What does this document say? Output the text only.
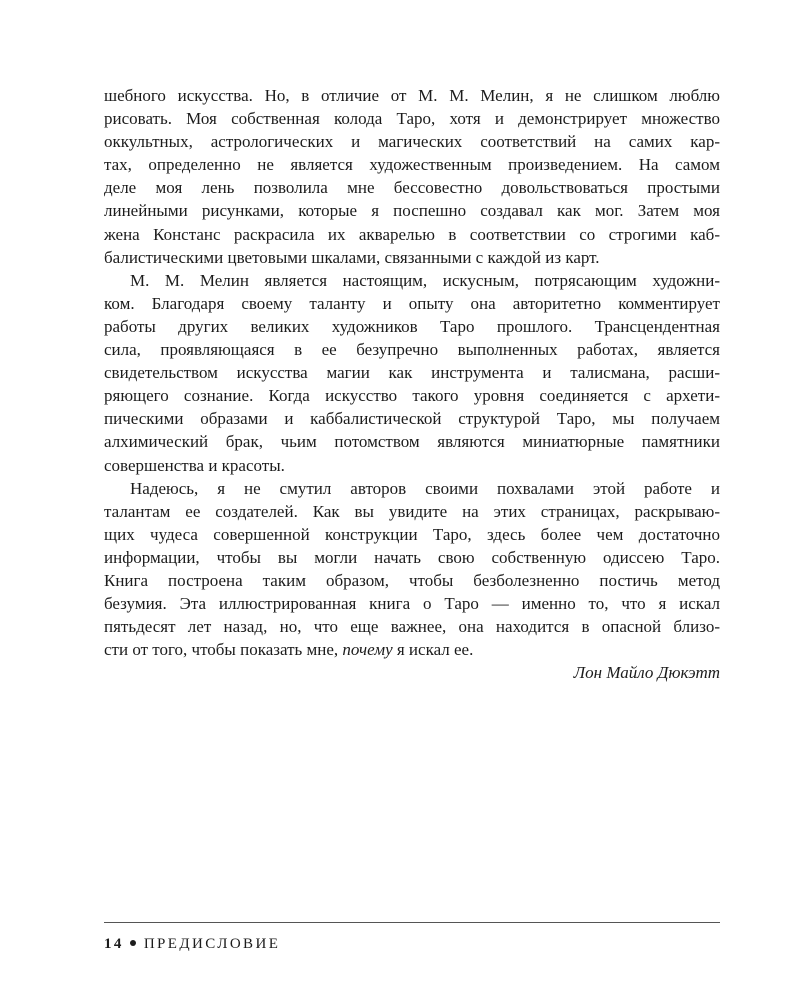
шебного искусства. Но, в отличие от М. М. Мелин, я не слишком люблю
рисовать. Моя собственная колода Таро, хотя и демонстрирует множество
оккультных, астрологических и магических соответствий на самих кар-
тах, определенно не является художественным произведением. На самом
деле моя лень позволила мне бессовестно довольствоваться простыми
линейными рисунками, которые я поспешно создавал как мог. Затем моя
жена Констанс раскрасила их акварелью в соответствии со строгими каб-
балистическими цветовыми шкалами, связанными с каждой из карт.
М. М. Мелин является настоящим, искусным, потрясающим художни-
ком. Благодаря своему таланту и опыту она авторитетно комментирует
работы других великих художников Таро прошлого. Трансцендентная
сила, проявляющаяся в ее безупречно выполненных работах, является
свидетельством искусства магии как инструмента и талисмана, расши-
ряющего сознание. Когда искусство такого уровня соединяется с архети-
пическими образами и каббалистической структурой Таро, мы получаем
алхимический брак, чьим потомством являются миниатюрные памятники
совершенства и красоты.
Надеюсь, я не смутил авторов своими похвалами этой работе и
талантам ее создателей. Как вы увидите на этих страницах, раскрываю-
щих чудеса совершенной конструкции Таро, здесь более чем достаточно
информации, чтобы вы могли начать свою собственную одиссею Таро.
Книга построена таким образом, чтобы безболезненно постичь метод
безумия. Эта иллюстрированная книга о Таро — именно то, что я искал
пятьдесят лет назад, но, что еще важнее, она находится в опасной близо-
сти от того, чтобы показать мне, почему я искал ее.
Лон Майло Дюкэтт
14 ПРЕДИСЛОВИЕ
